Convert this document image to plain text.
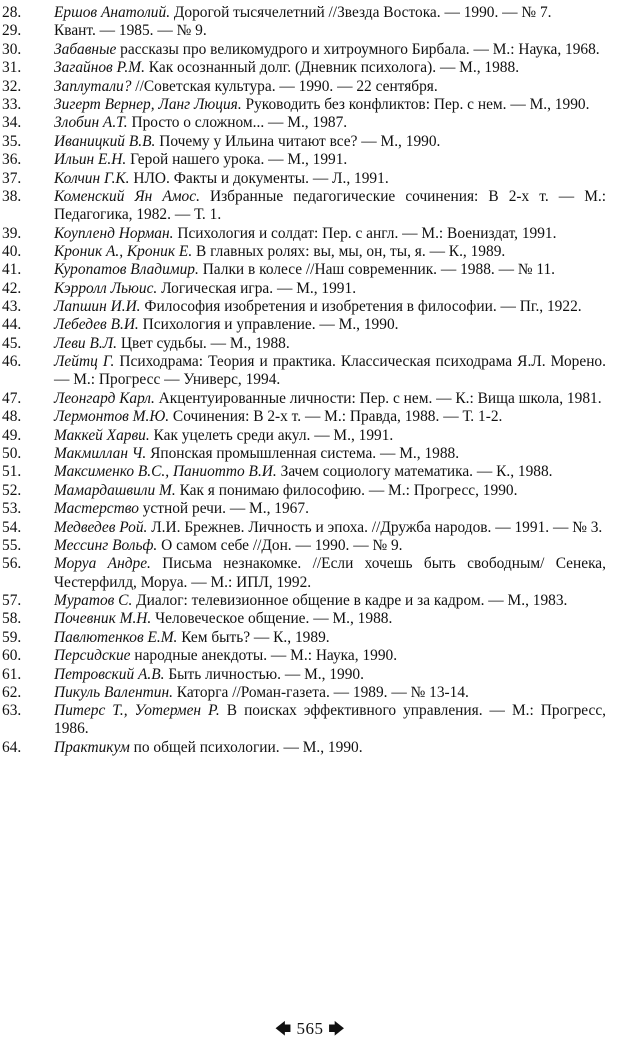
28. Ершов Анатолий. Дорогой тысячелетний //Звезда Востока. — 1990. — № 7.
29. Квант. — 1985. — № 9.
30. Забавные рассказы про великомудрого и хитроумного Бирбала. — М.: Наука, 1968.
31. Загайнов Р.М. Как осознанный долг. (Дневник психолога). — М., 1988.
32. Заплутали? //Советская культура. — 1990. — 22 сентября.
33. Зигерт Вернер, Ланг Люция. Руководить без конфликтов: Пер. с нем. — М., 1990.
34. Злобин А.Т. Просто о сложном... — М., 1987.
35. Иваницкий В.В. Почему у Ильина читают все? — М., 1990.
36. Ильин Е.Н. Герой нашего урока. — М., 1991.
37. Колчин Г.К. НЛО. Факты и документы. — Л., 1991.
38. Коменский Ян Амос. Избранные педагогические сочинения: В 2-х т. — М.: Педагогика, 1982. — Т. 1.
39. Коупленд Норман. Психология и солдат: Пер. с англ. — М.: Воениздат, 1991.
40. Кроник А., Кроник Е. В главных ролях: вы, мы, он, ты, я. — К., 1989.
41. Куропатов Владимир. Палки в колесе //Наш современник. — 1988. — № 11.
42. Кэрролл Льюис. Логическая игра. — М., 1991.
43. Лапшин И.И. Философия изобретения и изобретения в философии. — Пг., 1922.
44. Лебедев В.И. Психология и управление. — М., 1990.
45. Леви В.Л. Цвет судьбы. — М., 1988.
46. Лейтц Г. Психодрама: Теория и практика. Классическая психодрама Я.Л. Морено. — М.: Прогресс — Универс, 1994.
47. Леонгард Карл. Акцентуированные личности: Пер. с нем. — К.: Вища школа, 1981.
48. Лермонтов М.Ю. Сочинения: В 2-х т. — М.: Правда, 1988. — Т. 1-2.
49. Маккей Харви. Как уцелеть среди акул. — М., 1991.
50. Макмиллан Ч. Японская промышленная система. — М., 1988.
51. Максименко В.С., Паниотто В.И. Зачем социологу математика. — К., 1988.
52. Мамардашвили М. Как я понимаю философию. — М.: Прогресс, 1990.
53. Мастерство устной речи. — М., 1967.
54. Медведев Рой. Л.И. Брежнев. Личность и эпоха. //Дружба народов. — 1991. — № 3.
55. Мессинг Вольф. О самом себе //Дон. — 1990. — № 9.
56. Моруа Андре. Письма незнакомке. //Если хочешь быть свободным/ Сенека, Честерфилд, Моруа. — М.: ИПЛ, 1992.
57. Муратов С. Диалог: телевизионное общение в кадре и за кадром. — М., 1983.
58. Почевник М.Н. Человеческое общение. — М., 1988.
59. Павлютенков Е.М. Кем быть? — К., 1989.
60. Персидские народные анекдоты. — М.: Наука, 1990.
61. Петровский А.В. Быть личностью. — М., 1990.
62. Пикуль Валентин. Каторга //Роман-газета. — 1989. — № 13-14.
63. Питерс Т., Уотермен Р. В поисках эффективного управления. — М.: Прогресс, 1986.
64. Практикум по общей психологии. — М., 1990.
🡄 565 🡆
